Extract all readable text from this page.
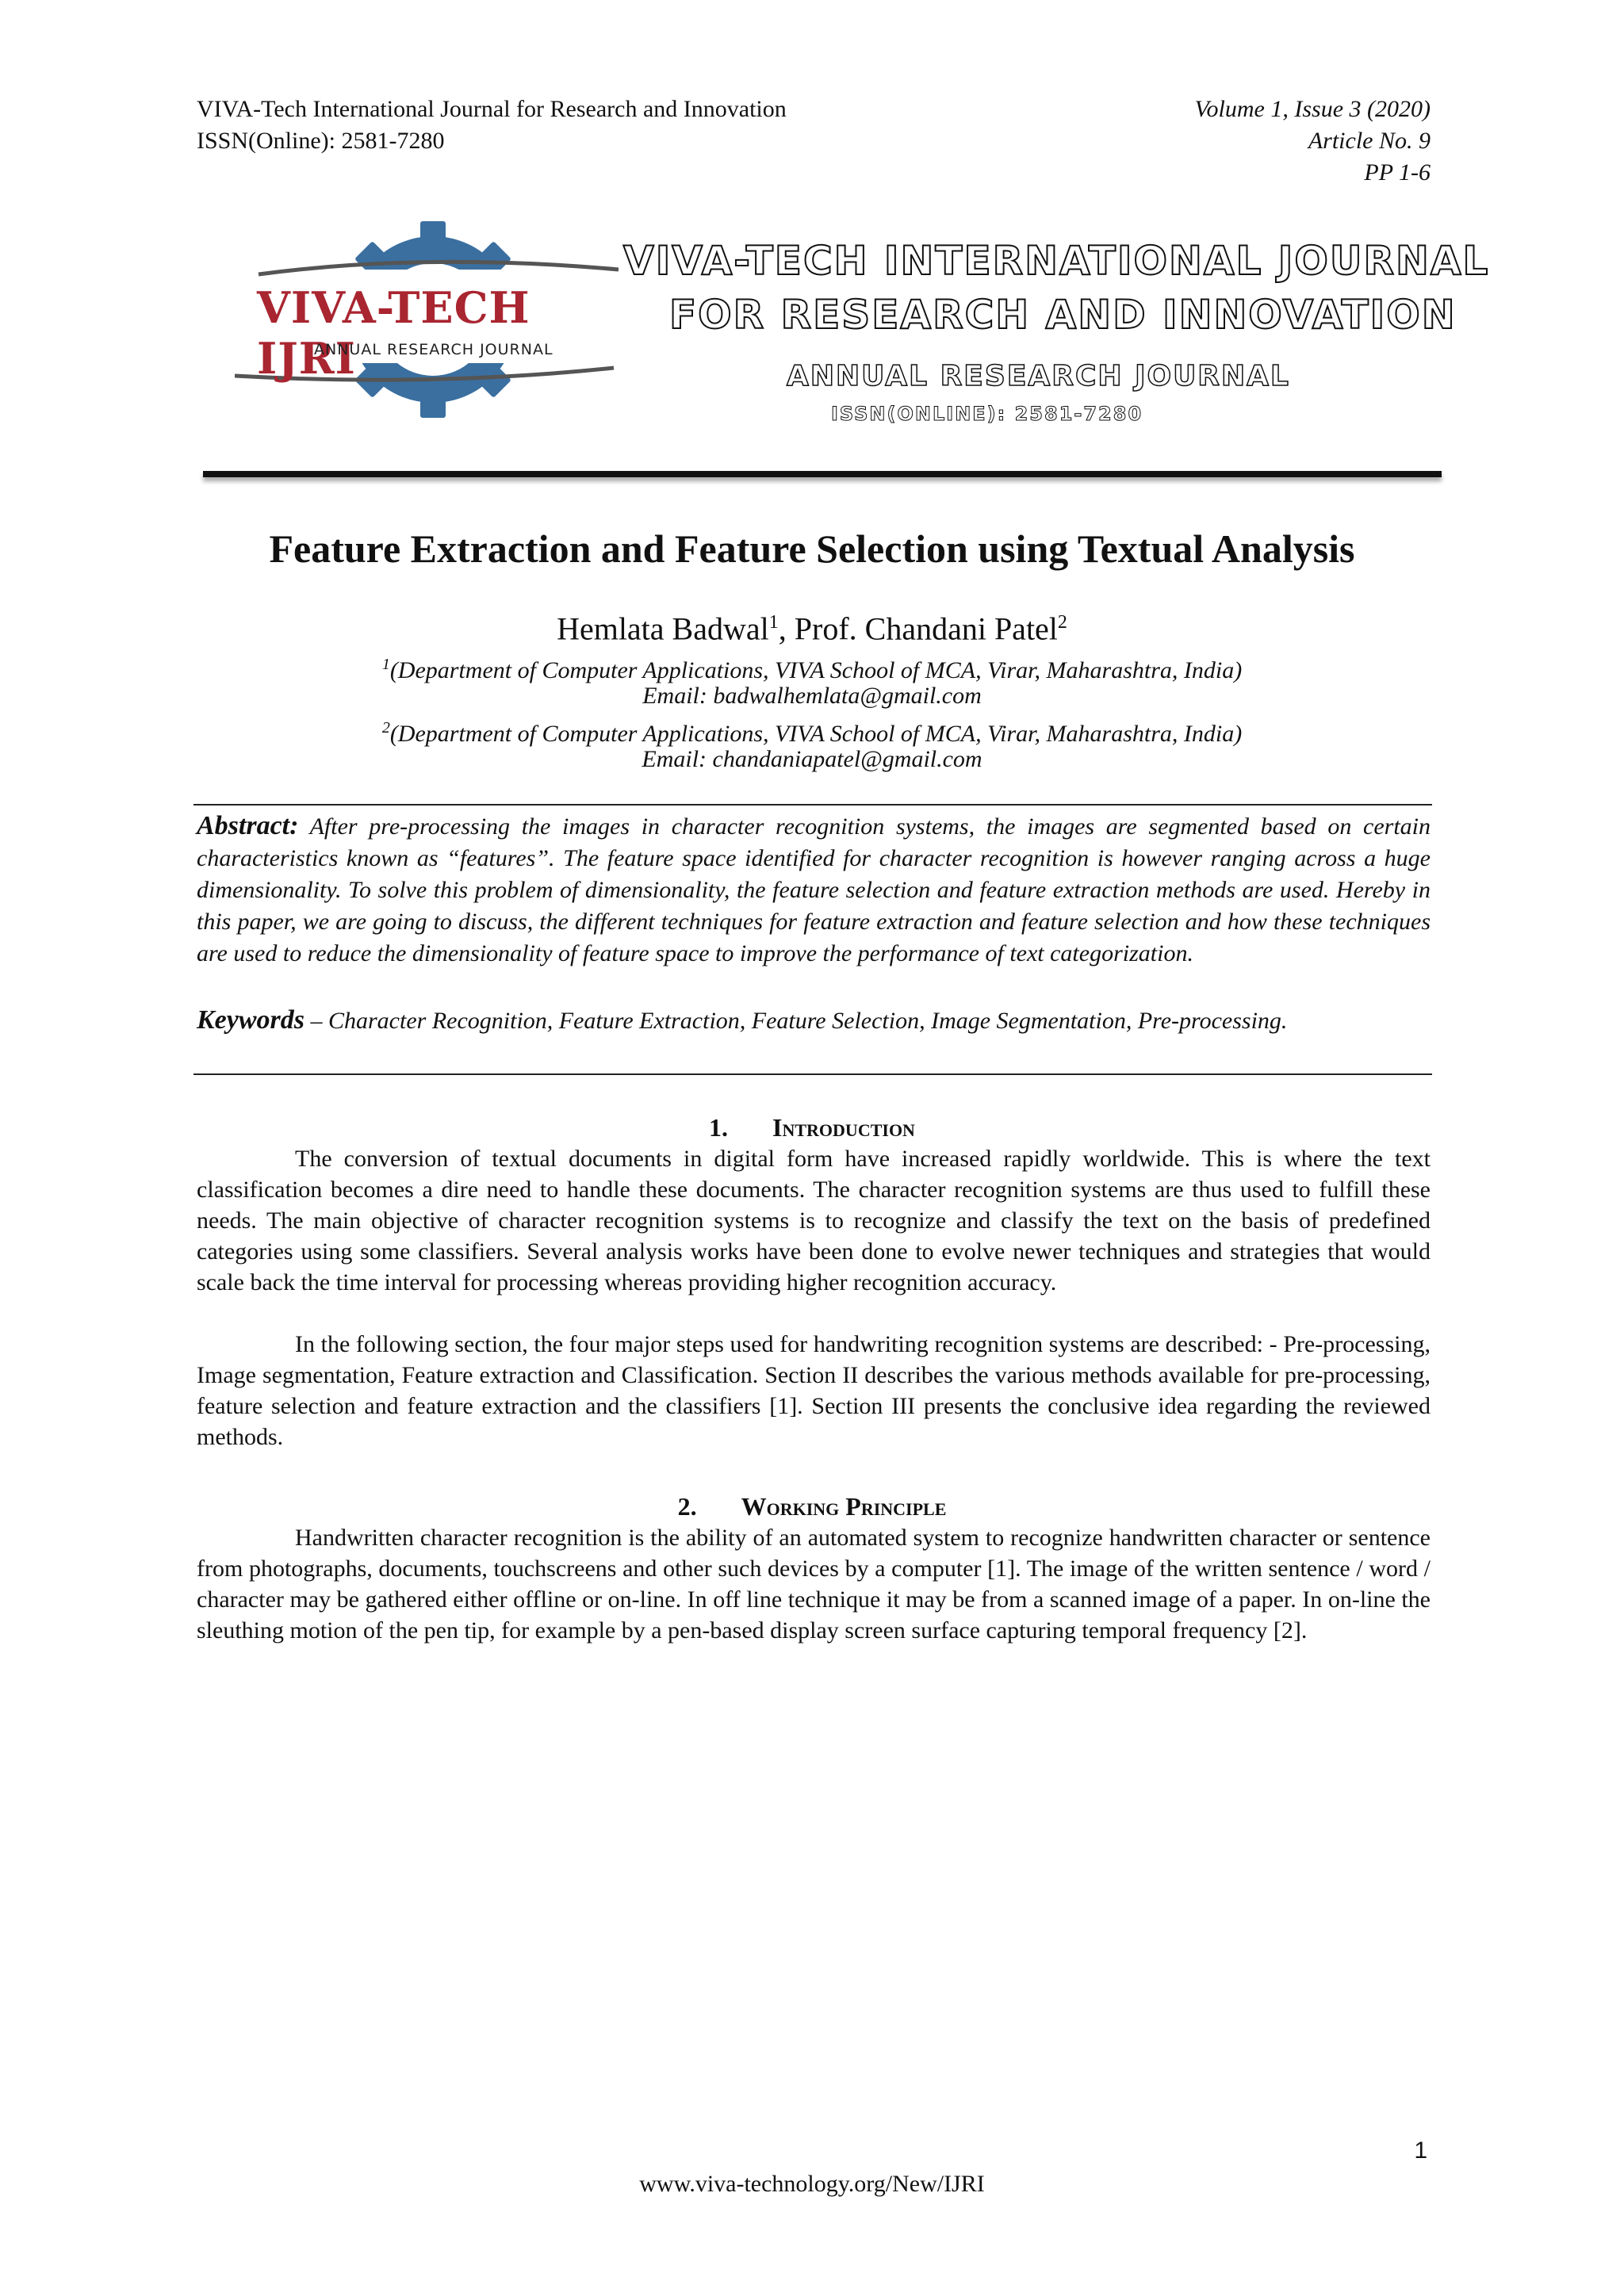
VIVA-Tech International Journal for Research and Innovation
ISSN(Online): 2581-7280
Volume 1, Issue 3 (2020)
Article No. 9
PP 1-6
VIVA-TECH IJRI
ANNUAL RESEARCH JOURNAL
VIVA-TECH INTERNATIONAL JOURNAL
FOR RESEARCH AND INNOVATION
ANNUAL RESEARCH JOURNAL
ISSN(ONLINE): 2581-7280
Feature Extraction and Feature Selection using Textual Analysis
Hemlata Badwal$^1$, Prof. Chandani Patel$^2$
$^1$(Department of Computer Applications, VIVA School of MCA, Virar, Maharashtra, India)
Email: badwalhemlata@gmail.com
$^2$(Department of Computer Applications, VIVA School of MCA, Virar, Maharashtra, India)
Email: chandaniapatel@gmail.com
Abstract: After pre-processing the images in character recognition systems, the images are segmented based on certain characteristics known as “features”. The feature space identified for character recognition is however ranging across a huge dimensionality. To solve this problem of dimensionality, the feature selection and feature extraction methods are used. Hereby in this paper, we are going to discuss, the different techniques for feature extraction and feature selection and how these techniques are used to reduce the dimensionality of feature space to improve the performance of text categorization.
Keywords – Character Recognition, Feature Extraction, Feature Selection, Image Segmentation, Pre-processing.
1. Introduction
The conversion of textual documents in digital form have increased rapidly worldwide. This is where the text classification becomes a dire need to handle these documents. The character recognition systems are thus used to fulfill these needs. The main objective of character recognition systems is to recognize and classify the text on the basis of predefined categories using some classifiers. Several analysis works have been done to evolve newer techniques and strategies that would scale back the time interval for processing whereas providing higher recognition accuracy.
In the following section, the four major steps used for handwriting recognition systems are described: - Pre-processing, Image segmentation, Feature extraction and Classification. Section II describes the various methods available for pre-processing, feature selection and feature extraction and the classifiers [1]. Section III presents the conclusive idea regarding the reviewed methods.
2. Working Principle
Handwritten character recognition is the ability of an automated system to recognize handwritten character or sentence from photographs, documents, touchscreens and other such devices by a computer [1]. The image of the written sentence / word / character may be gathered either offline or on-line. In off line technique it may be from a scanned image of a paper. In on-line the sleuthing motion of the pen tip, for example by a pen-based display screen surface capturing temporal frequency [2].
1
www.viva-technology.org/New/IJRI
